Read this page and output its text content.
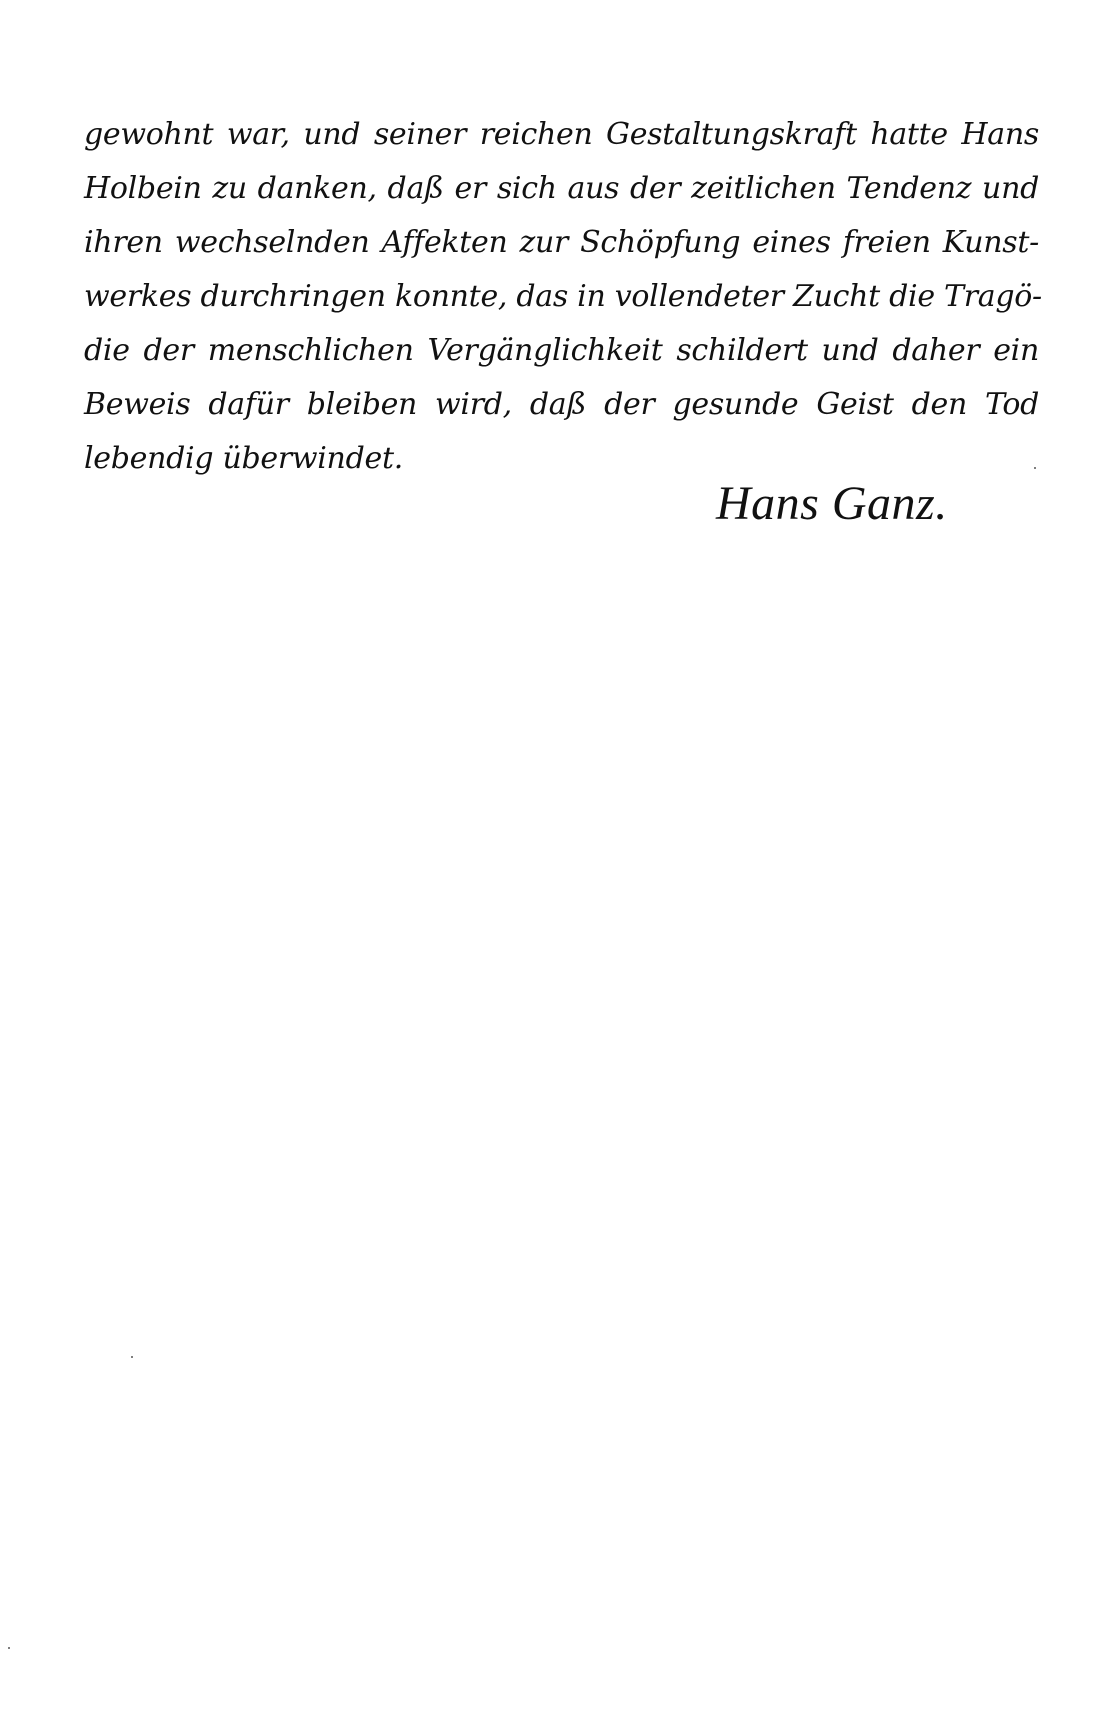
gewohnt war, und seiner reichen Gestaltungskraft hatte Hans
Holbein zu danken, daß er sich aus der zeitlichen Tendenz und
ihren wechselnden Affekten zur Schöpfung eines freien Kunst-
werkes durchringen konnte, das in vollendeter Zucht die Tragö-
die der menschlichen Vergänglichkeit schildert und daher ein
Beweis dafür bleiben wird, daß der gesunde Geist den Tod
lebendig überwindet.
Hans Ganz.
